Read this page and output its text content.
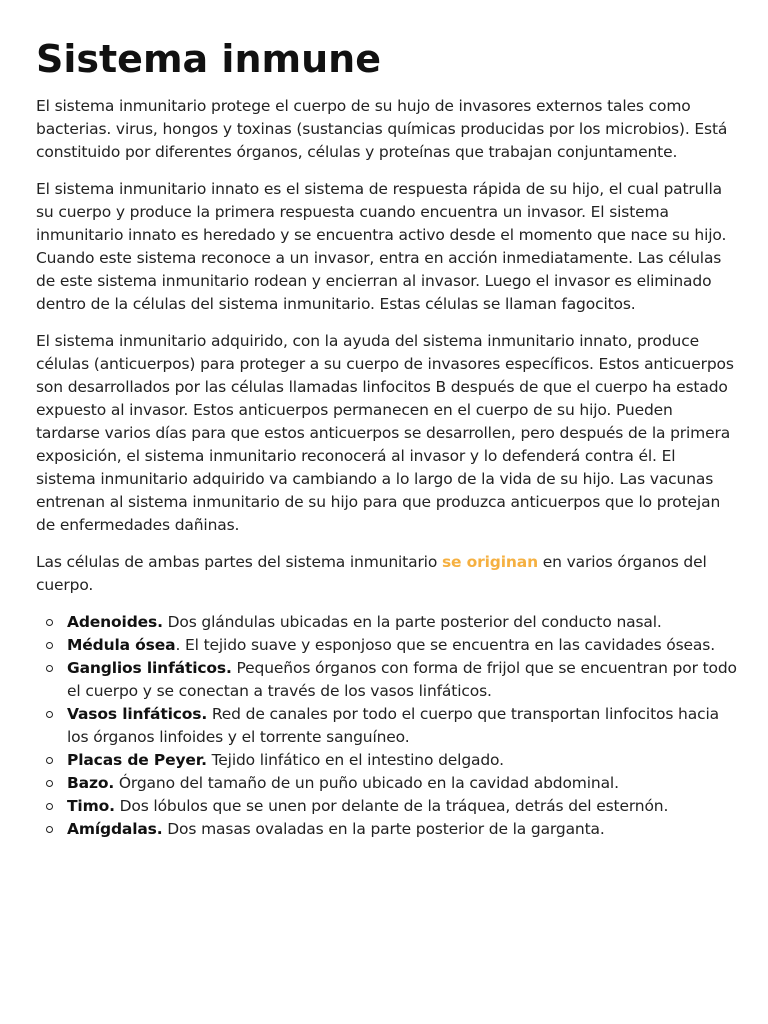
Sistema inmune

El sistema inmunitario protege el cuerpo de su hujo de invasores externos tales como bacterias. virus, hongos y toxinas (sustancias químicas producidas por los microbios). Está constituido por diferentes órganos, células y proteínas que trabajan conjuntamente.

El sistema inmunitario innato es el sistema de respuesta rápida de su hijo, el cual patrulla su cuerpo y produce la primera respuesta cuando encuentra un invasor. El sistema inmunitario innato es heredado y se encuentra activo desde el momento que nace su hijo. Cuando este sistema reconoce a un invasor, entra en acción inmediatamente. Las células de este sistema inmunitario rodean y encierran al invasor. Luego el invasor es eliminado dentro de la células del sistema inmunitario. Estas células se llaman fagocitos.

El sistema inmunitario adquirido, con la ayuda del sistema inmunitario innato, produce células (anticuerpos) para proteger a su cuerpo de invasores específicos. Estos anticuerpos son desarrollados por las células llamadas linfocitos B después de que el cuerpo ha estado expuesto al invasor. Estos anticuerpos permanecen en el cuerpo de su hijo. Pueden tardarse varios días para que estos anticuerpos se desarrollen, pero después de la primera exposición, el sistema inmunitario reconocerá al invasor y lo defenderá contra él. El sistema inmunitario adquirido va cambiando a lo largo de la vida de su hijo. Las vacunas entrenan al sistema inmunitario de su hijo para que produzca anticuerpos que lo protejan de enfermedades dañinas.

Las células de ambas partes del sistema inmunitario se originan en varios órganos del cuerpo.

Adenoides. Dos glándulas ubicadas en la parte posterior del conducto nasal.
Médula ósea. El tejido suave y esponjoso que se encuentra en las cavidades óseas.
Ganglios linfáticos. Pequeños órganos con forma de frijol que se encuentran por todo el cuerpo y se conectan a través de los vasos linfáticos.
Vasos linfáticos. Red de canales por todo el cuerpo que transportan linfocitos hacia los órganos linfoides y el torrente sanguíneo.
Placas de Peyer. Tejido linfático en el intestino delgado.
Bazo. Órgano del tamaño de un puño ubicado en la cavidad abdominal.
Timo. Dos lóbulos que se unen por delante de la tráquea, detrás del esternón.
Amígdalas. Dos masas ovaladas en la parte posterior de la garganta.
